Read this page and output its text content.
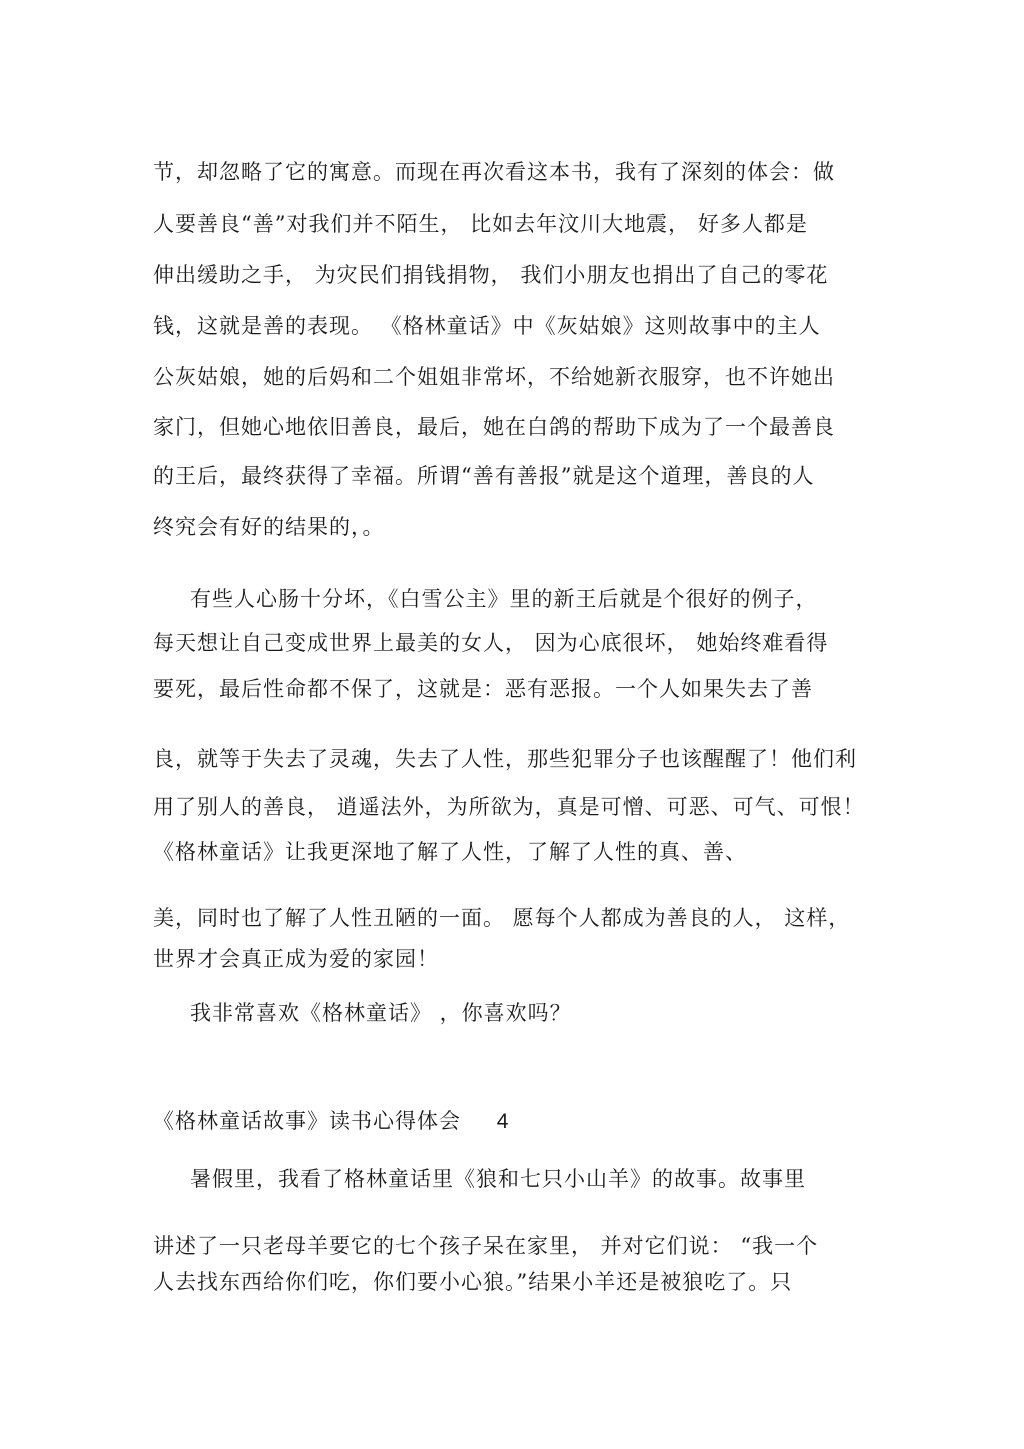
节，却忽略了它的寓意。而现在再次看这本书，我有了深刻的体会：做
人要善良“善”对我们并不陌生， 比如去年汶川大地震， 好多人都是
伸出缓助之手， 为灾民们捐钱捐物， 我们小朋友也捐出了自己的零花
钱，这就是善的表现。 《格林童话》中《灰姑娘》这则故事中的主人
公灰姑娘，她的后妈和二个姐姐非常坏，不给她新衣服穿，也不许她出
家门，但她心地依旧善良，最后，她在白鸽的帮助下成为了一个最善良
的王后，最终获得了幸福。所谓“善有善报”就是这个道理，善良的人
终究会有好的结果的，。
有些人心肠十分坏，《白雪公主》里的新王后就是个很好的例子，
每天想让自己变成世界上最美的女人， 因为心底很坏， 她始终难看得
要死，最后性命都不保了，这就是：恶有恶报。一个人如果失去了善
良，就等于失去了灵魂，失去了人性，那些犯罪分子也该醒醒了！他们利
用了别人的善良， 逍遥法外，为所欲为，真是可憎、可恶、可气、可恨！
《格林童话》让我更深地了解了人性，了解了人性的真、善、
美，同时也了解了人性丑陋的一面。 愿每个人都成为善良的人， 这样，
世界才会真正成为爱的家园！
我非常喜欢《格林童话》 ，你喜欢吗？
《格林童话故事》读书心得体会 4
暑假里，我看了格林童话里《狼和七只小山羊》的故事。故事里
讲述了一只老母羊要它的七个孩子呆在家里， 并对它们说： “我一个
人去找东西给你们吃，你们要小心狼。”结果小羊还是被狼吃了。只
